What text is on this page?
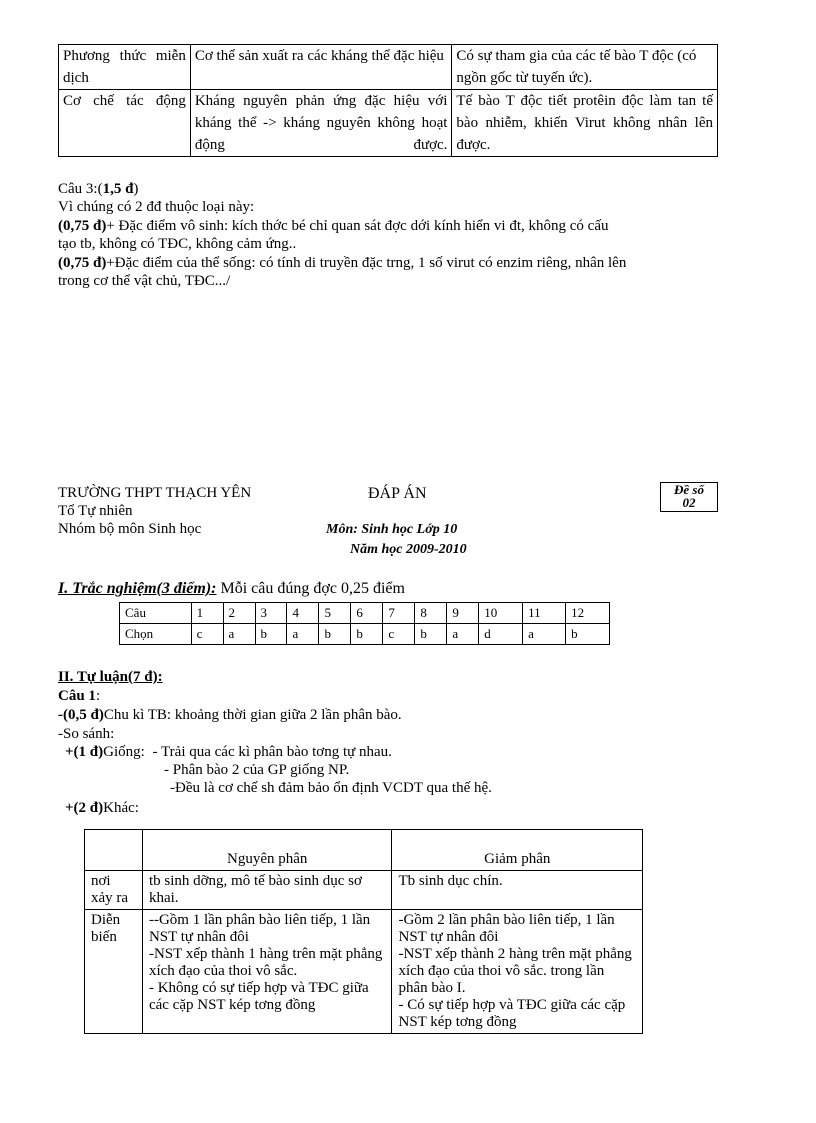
Phương thức miễn dịch	Cơ thể sản xuất ra các kháng thể đặc hiệu	Có sự tham gia của các tế bào T độc (có ngồn gốc từ tuyến ức).
Cơ chế tác động	Kháng nguyên phản ứng đặc hiệu với kháng thể -> kháng nguyên không hoạt động được.	Tế bào T độc tiết protêin độc làm tan tế bào nhiễm, khiến Virut không nhân lên được.
Câu 3:(1,5 đ)
Vì chúng có 2 đđ thuộc loại này:
(0,75 đ)+ Đặc điểm vô sinh: kích thớc bé chỉ quan sát đợc dới kính hiển vi đt, không có cấu
tạo tb, không có TĐC, không cảm ứng..
(0,75 đ)+Đặc điểm của thể sống: có tính di truyền đặc trng, 1 số virut có enzim riêng, nhân lên
trong cơ thể vật chủ, TĐC.../
TRƯỜNG THPT THẠCH YÊN	ĐÁP ÁN
Tổ Tự nhiên
Nhóm bộ môn Sinh học	Môn: Sinh học Lớp 10
Năm học 2009-2010
Đề số
02
I. Trắc nghiệm(3 điểm): Mỗi câu đúng đợc 0,25 điểm
Câu	1	2	3	4	5	6	7	8	9	10	11	12
Chọn	c	a	b	a	b	b	c	b	a	d	a	b
II. Tự luận(7 đ):
Câu 1:
-(0,5 đ)Chu kì TB: khoảng thời gian giữa 2 lần phân bào.
-So sánh:
+(1 đ)Giống: - Trải qua các kì phân bào tơng tự nhau.
- Phân bào 2 của GP giống NP.
-Đều là cơ chế sh đảm bảo ổn định VCDT qua thế hệ.
+(2 đ)Khác:
	Nguyên phân	Giảm phân
nơi xảy ra	tb sinh dỡng, mô tế bào sinh dục sơ khai.	Tb sinh dục chín.
Diễn biến	--Gồm 1 lần phân bào liên tiếp, 1 lần NST tự nhân đôi
-NST xếp thành 1 hàng trên mặt phẳng xích đạo của thoi vô sắc.
- Không có sự tiếp hợp và TĐC giữa các cặp NST kép tơng đồng	-Gồm 2 lần phân bào liên tiếp, 1 lần NST tự nhân đôi
-NST xếp thành 2 hàng trên mặt phẳng xích đạo của thoi vô sắc. trong lần phân bào I.
- Có sự tiếp hợp và TĐC giữa các cặp NST kép tơng đồng
